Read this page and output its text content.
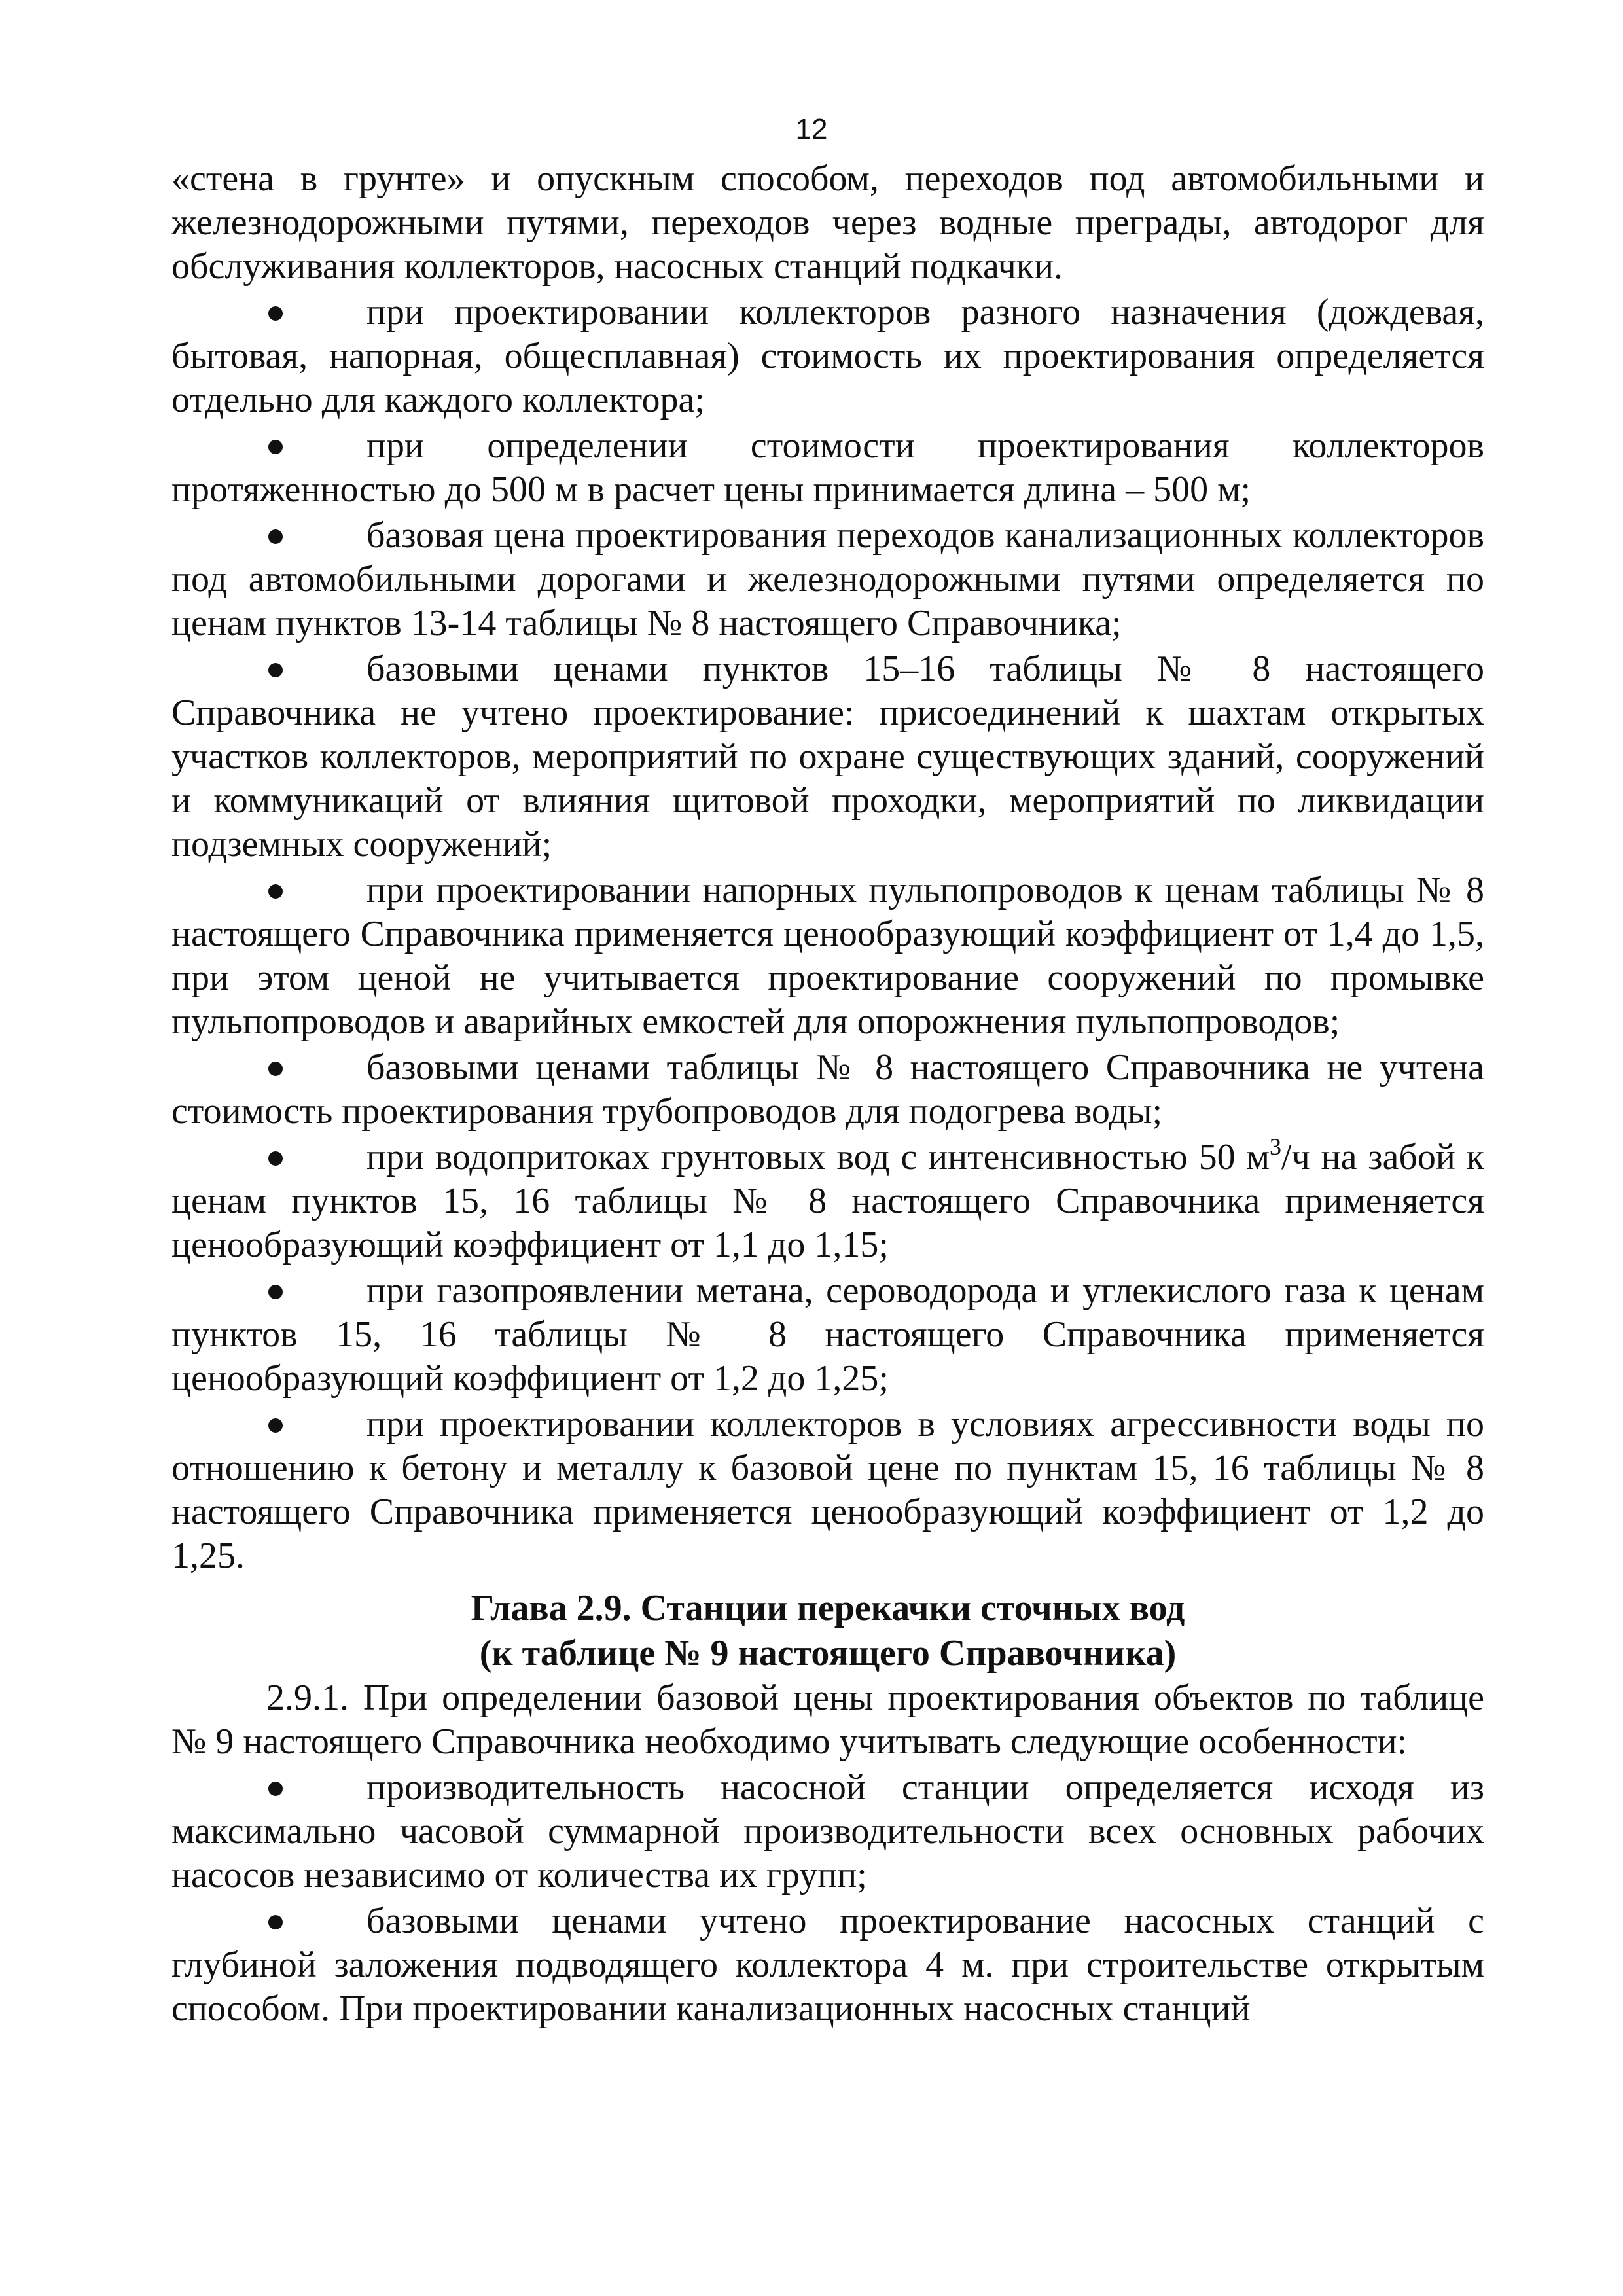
12

«стена в грунте» и опускным способом, переходов под автомобильными и железнодорожными путями, переходов через водные преграды, автодорог для обслуживания коллекторов, насосных станций подкачки.

при проектировании коллекторов разного назначения (дождевая, бытовая, напорная, общесплавная) стоимость их проектирования определяется отдельно для каждого коллектора;

при определении стоимости проектирования коллекторов протяженностью до 500 м в расчет цены принимается длина – 500 м;

базовая цена проектирования переходов канализационных коллекторов под автомобильными дорогами и железнодорожными путями определяется по ценам пунктов 13-14 таблицы № 8 настоящего Справочника;

базовыми ценами пунктов 15–16 таблицы № 8 настоящего Справочника не учтено проектирование: присоединений к шахтам открытых участков коллекторов, мероприятий по охране существующих зданий, сооружений и коммуникаций от влияния щитовой проходки, мероприятий по ликвидации подземных сооружений;

при проектировании напорных пульпопроводов к ценам таблицы № 8 настоящего Справочника применяется ценообразующий коэффициент от 1,4 до 1,5, при этом ценой не учитывается проектирование сооружений по промывке пульпопроводов и аварийных емкостей для опорожнения пульпопроводов;

базовыми ценами таблицы № 8 настоящего Справочника не учтена стоимость проектирования трубопроводов для подогрева воды;

при водопритоках грунтовых вод с интенсивностью 50 $м^3/ч$ на забой к ценам пунктов 15, 16 таблицы № 8 настоящего Справочника применяется ценообразующий коэффициент от 1,1 до 1,15;

при газопроявлении метана, сероводорода и углекислого газа к ценам пунктов 15, 16 таблицы № 8 настоящего Справочника применяется ценообразующий коэффициент от 1,2 до 1,25;

при проектировании коллекторов в условиях агрессивности воды по отношению к бетону и металлу к базовой цене по пунктам 15, 16 таблицы № 8 настоящего Справочника применяется ценообразующий коэффициент от 1,2 до 1,25.

Глава 2.9. Станции перекачки сточных вод

(к таблице № 9 настоящего Справочника)

2.9.1. При определении базовой цены проектирования объектов по таблице № 9 настоящего Справочника необходимо учитывать следующие особенности:

производительность насосной станции определяется исходя из максимально часовой суммарной производительности всех основных рабочих насосов независимо от количества их групп;

базовыми ценами учтено проектирование насосных станций с глубиной заложения подводящего коллектора 4 м. при строительстве открытым способом. При проектировании канализационных насосных станций
